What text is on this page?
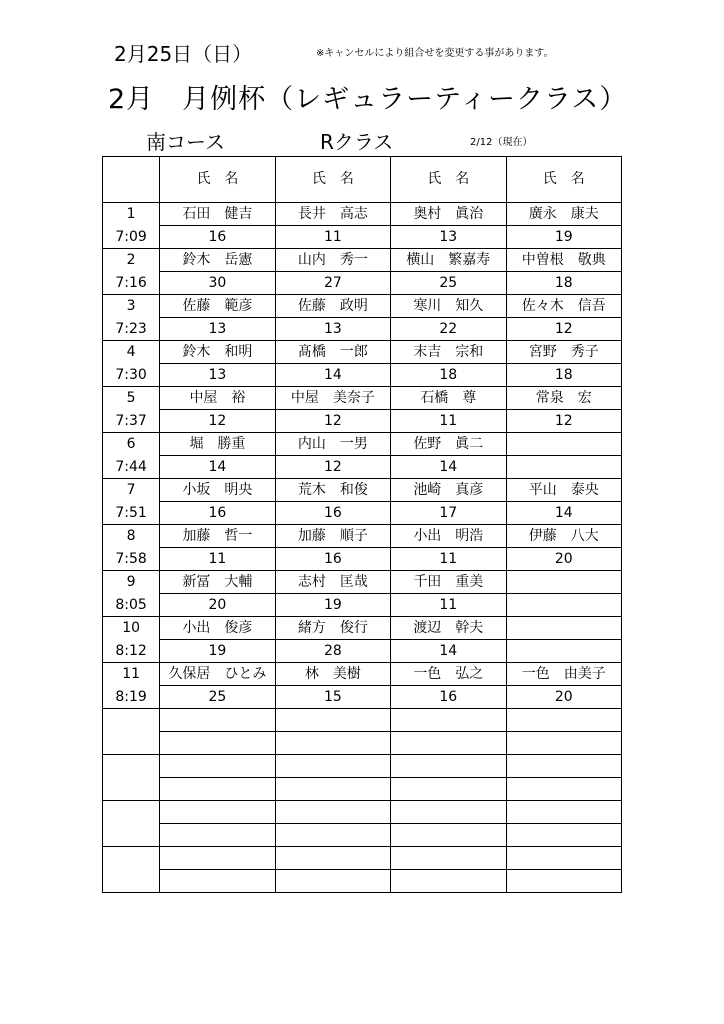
2月25日（日）	※キャンセルにより組合せを変更する事があります。
2月　月例杯（レギュラーティークラス）
南コース	Rクラス	2/12（現在）
	氏　名	氏　名	氏　名	氏　名
1	石田　健吉	長井　高志	奥村　眞治	廣永　康夫
7:09	16	11	13	19
2	鈴木　岳憲	山内　秀一	横山　繁嘉寿	中曽根　敬典
7:16	30	27	25	18
3	佐藤　範彦	佐藤　政明	寒川　知久	佐々木　信吾
7:23	13	13	22	12
4	鈴木　和明	髙橋　一郎	末吉　宗和	宮野　秀子
7:30	13	14	18	18
5	中屋　裕	中屋　美奈子	石橋　尊	常泉　宏
7:37	12	12	11	12
6	堀　勝重	内山　一男	佐野　眞二	
7:44	14	12	14	
7	小坂　明央	荒木　和俊	池崎　真彦	平山　泰央
7:51	16	16	17	14
8	加藤　哲一	加藤　順子	小出　明浩	伊藤　八大
7:58	11	16	11	20
9	新冨　大輔	志村　匡哉	千田　重美	
8:05	20	19	11	
10	小出　俊彦	緒方　俊行	渡辺　幹夫	
8:12	19	28	14	
11	久保居　ひとみ	林　美樹	一色　弘之	一色　由美子
8:19	25	15	16	20
